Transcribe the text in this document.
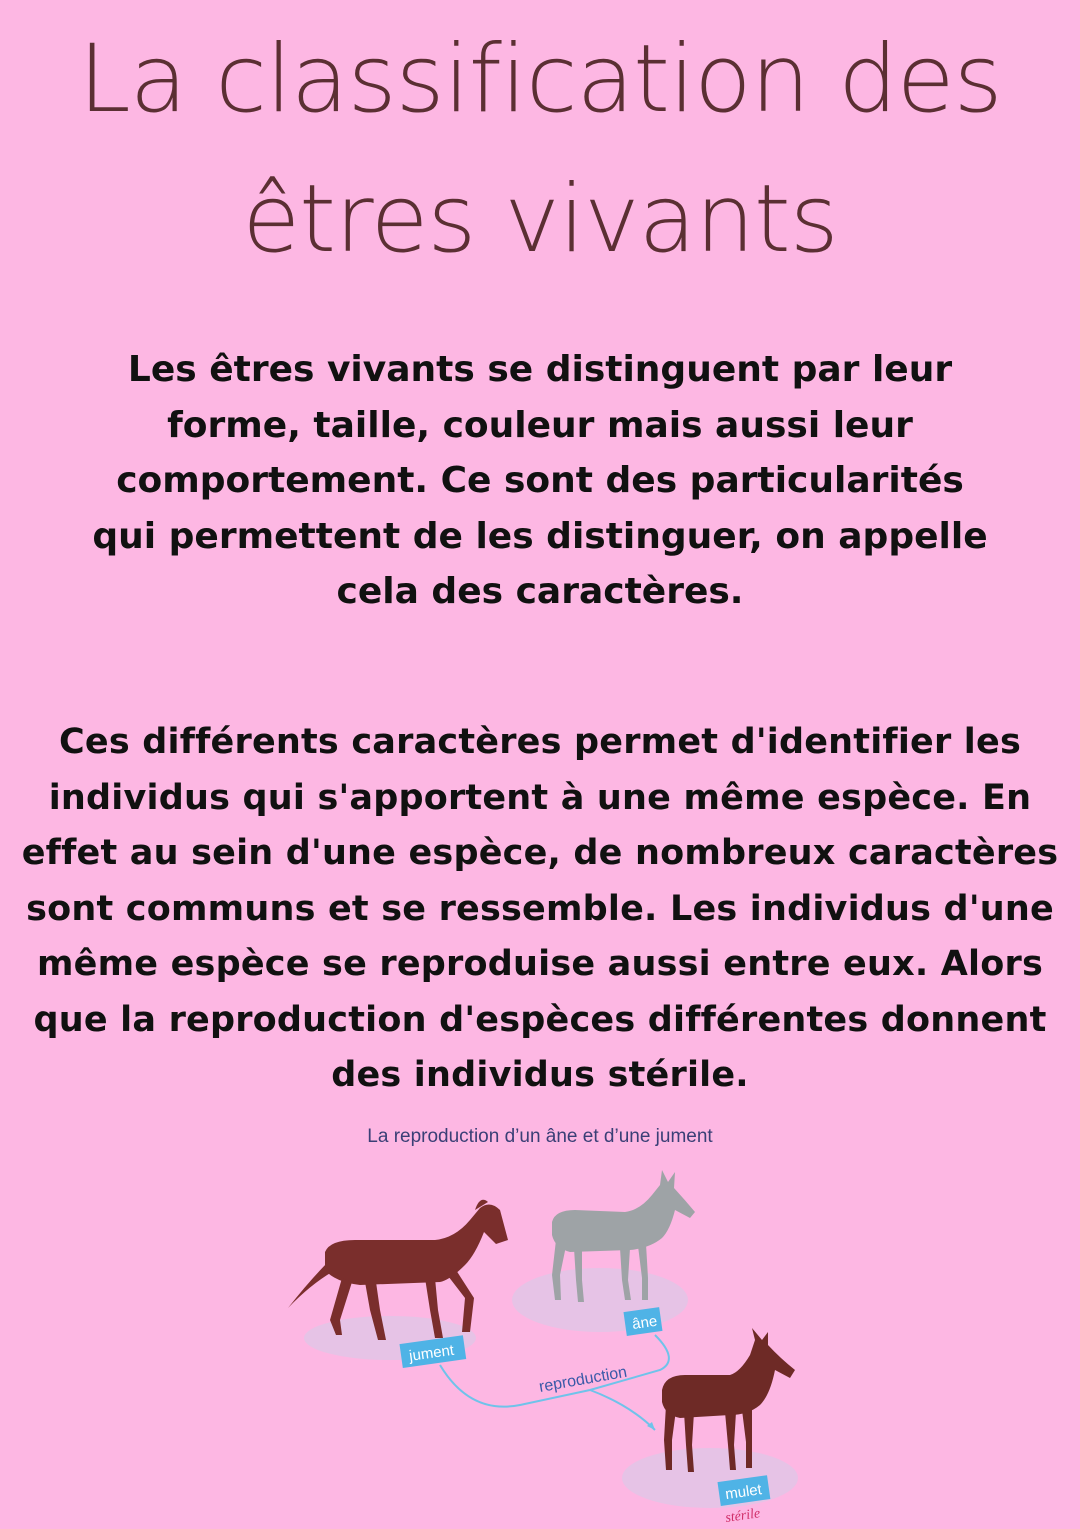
La classification des
êtres vivants
Les êtres vivants se distinguent par leur
forme, taille, couleur mais aussi leur
comportement. Ce sont des particularités
qui permettent de les distinguer, on appelle
cela des caractères.
Ces différents caractères permet d'identifier les
individus qui s'apportent à une même espèce. En
effet au sein d'une espèce, de nombreux caractères
sont communs et se ressemble. Les individus d'une
même espèce se reproduise aussi entre eux. Alors
que la reproduction d'espèces différentes donnent
des individus stérile.
La reproduction d’un âne et d’une jument
jument
âne
mulet
reproduction
stérile
